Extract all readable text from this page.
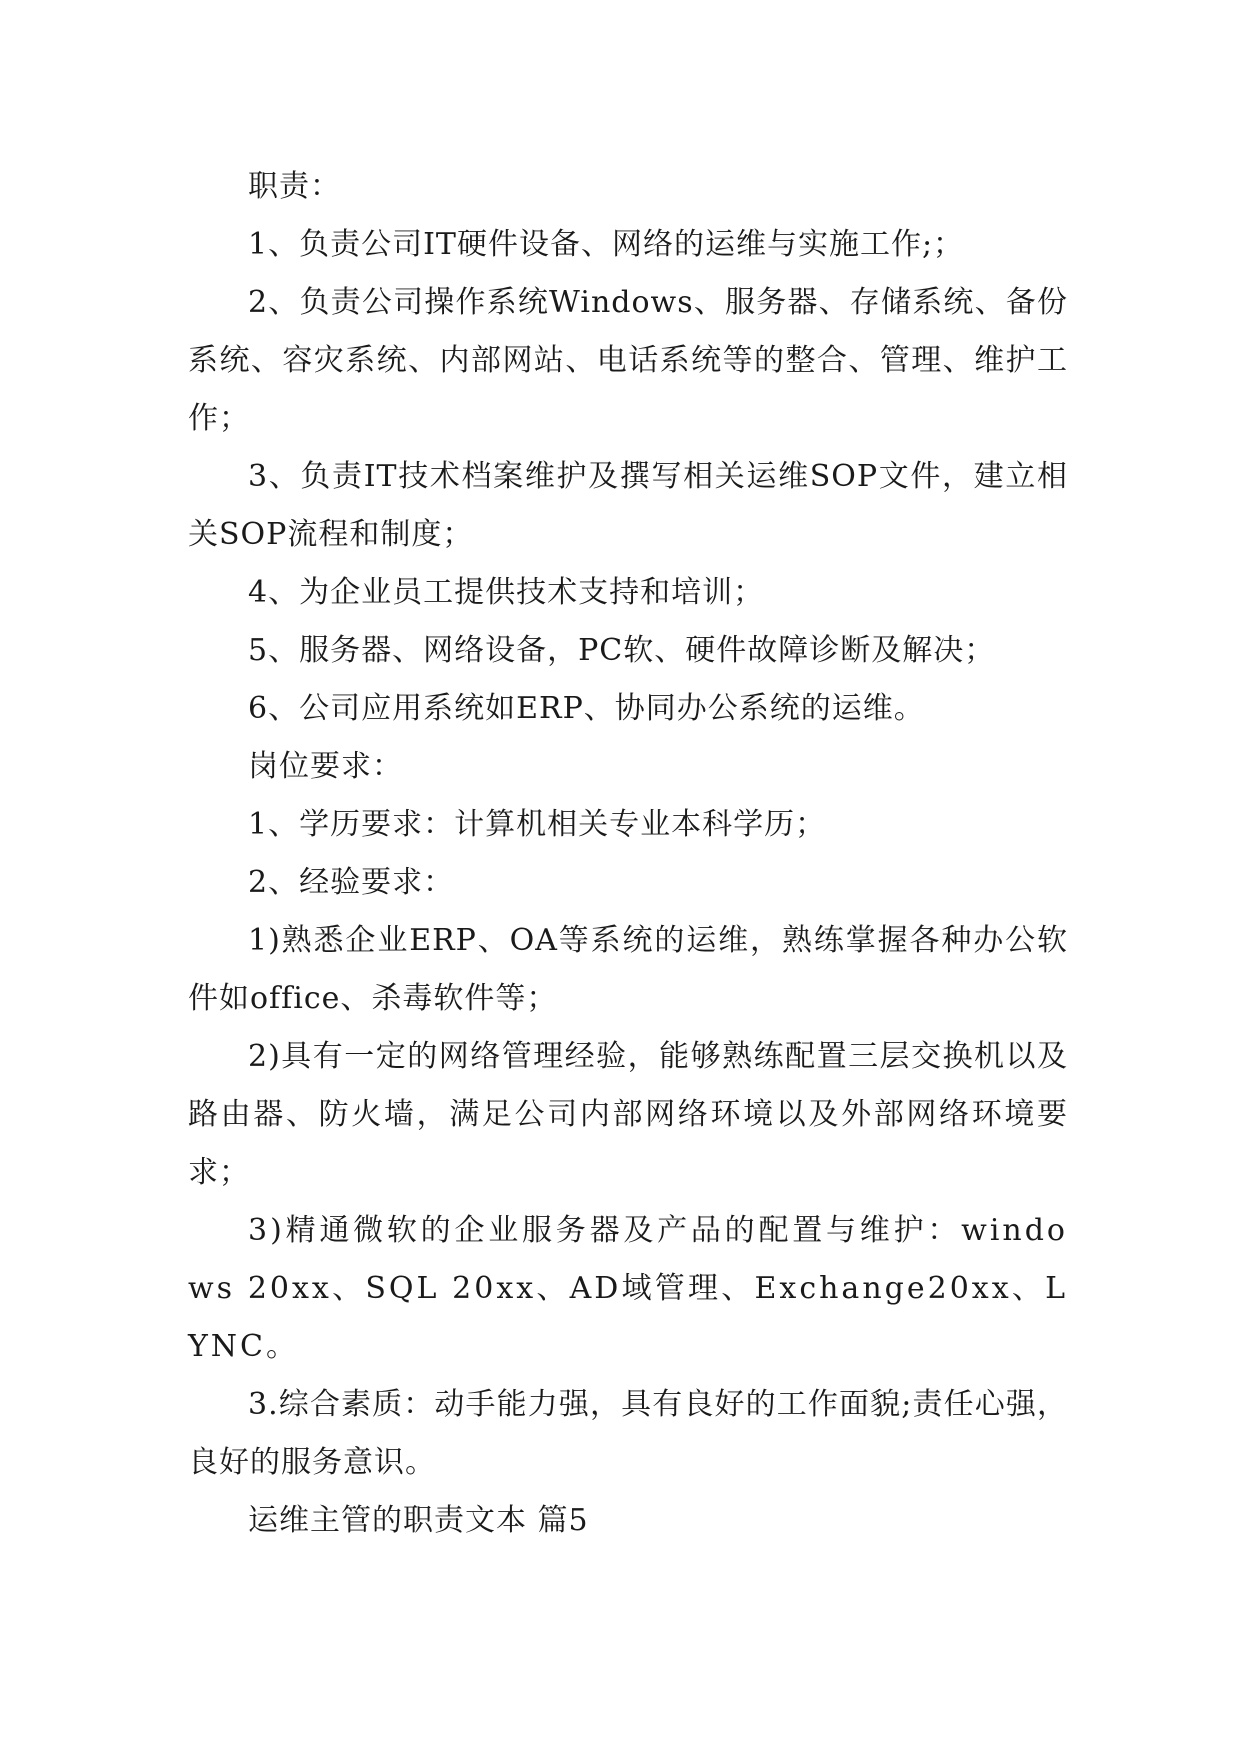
职责：

1、负责公司IT硬件设备、网络的运维与实施工作;；

2、负责公司操作系统Windows、服务器、存储系统、备份系统、容灾系统、内部网站、电话系统等的整合、管理、维护工作；

3、负责IT技术档案维护及撰写相关运维SOP文件，建立相关SOP流程和制度；

4、为企业员工提供技术支持和培训；

5、服务器、网络设备，PC软、硬件故障诊断及解决；

6、公司应用系统如ERP、协同办公系统的运维。

岗位要求：

1、学历要求：计算机相关专业本科学历；

2、经验要求：

1)熟悉企业ERP、OA等系统的运维，熟练掌握各种办公软件如office、杀毒软件等；

2)具有一定的网络管理经验，能够熟练配置三层交换机以及路由器、防火墙，满足公司内部网络环境以及外部网络环境要求；

3)精通微软的企业服务器及产品的配置与维护：windows 20xx、SQL 20xx、AD域管理、Exchange20xx、LYNC。

3.综合素质：动手能力强，具有良好的工作面貌;责任心强，良好的服务意识。

运维主管的职责文本 篇5
